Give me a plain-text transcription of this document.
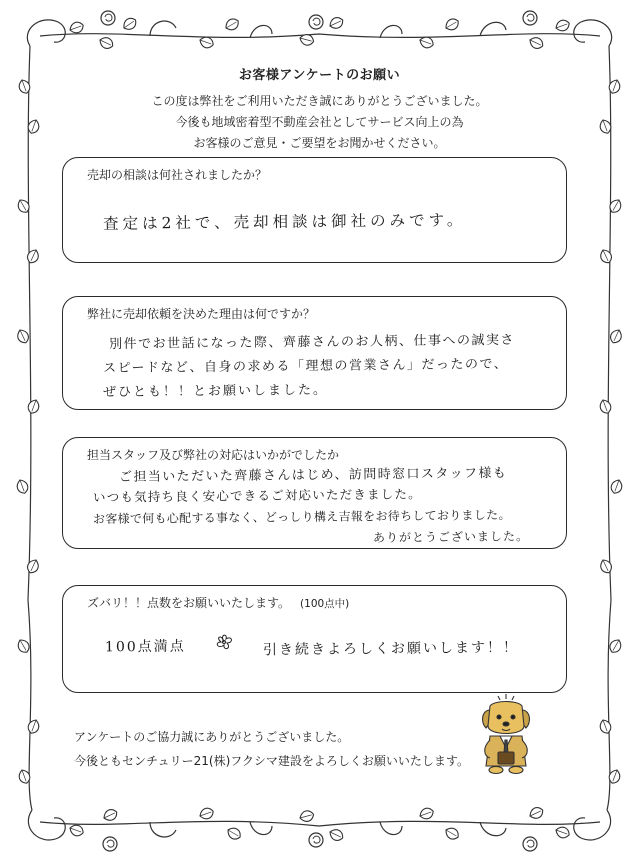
お客様アンケートのお願い
この度は弊社をご利用いただき誠にありがとうございました。
今後も地域密着型不動産会社としてサービス向上の為
お客様のご意見・ご要望をお聞かせください。
売却の相談は何社されましたか？
査定は2社で、売却相談は御社のみです。
弊社に売却依頼を決めた理由は何ですか？
別件でお世話になった際、齊藤さんのお人柄、仕事への誠実さ
スピードなど、自身の求める「理想の営業さん」だったので、
ぜひとも！！とお願いしました。
担当スタッフ及び弊社の対応はいかがでしたか
ご担当いただいた齊藤さんはじめ、訪問時窓口スタッフ様も
いつも気持ち良く安心できるご対応いただきました。
お客様で何も心配する事なく、どっしり構え吉報をお待ちしておりました。
ありがとうございました。
ズバリ！！点数をお願いいたします。 (100点中)
100点満点	引き続きよろしくお願いします！！
アンケートのご協力誠にありがとうございました。
今後ともセンチュリー21(株)フクシマ建設をよろしくお願いいたします。
